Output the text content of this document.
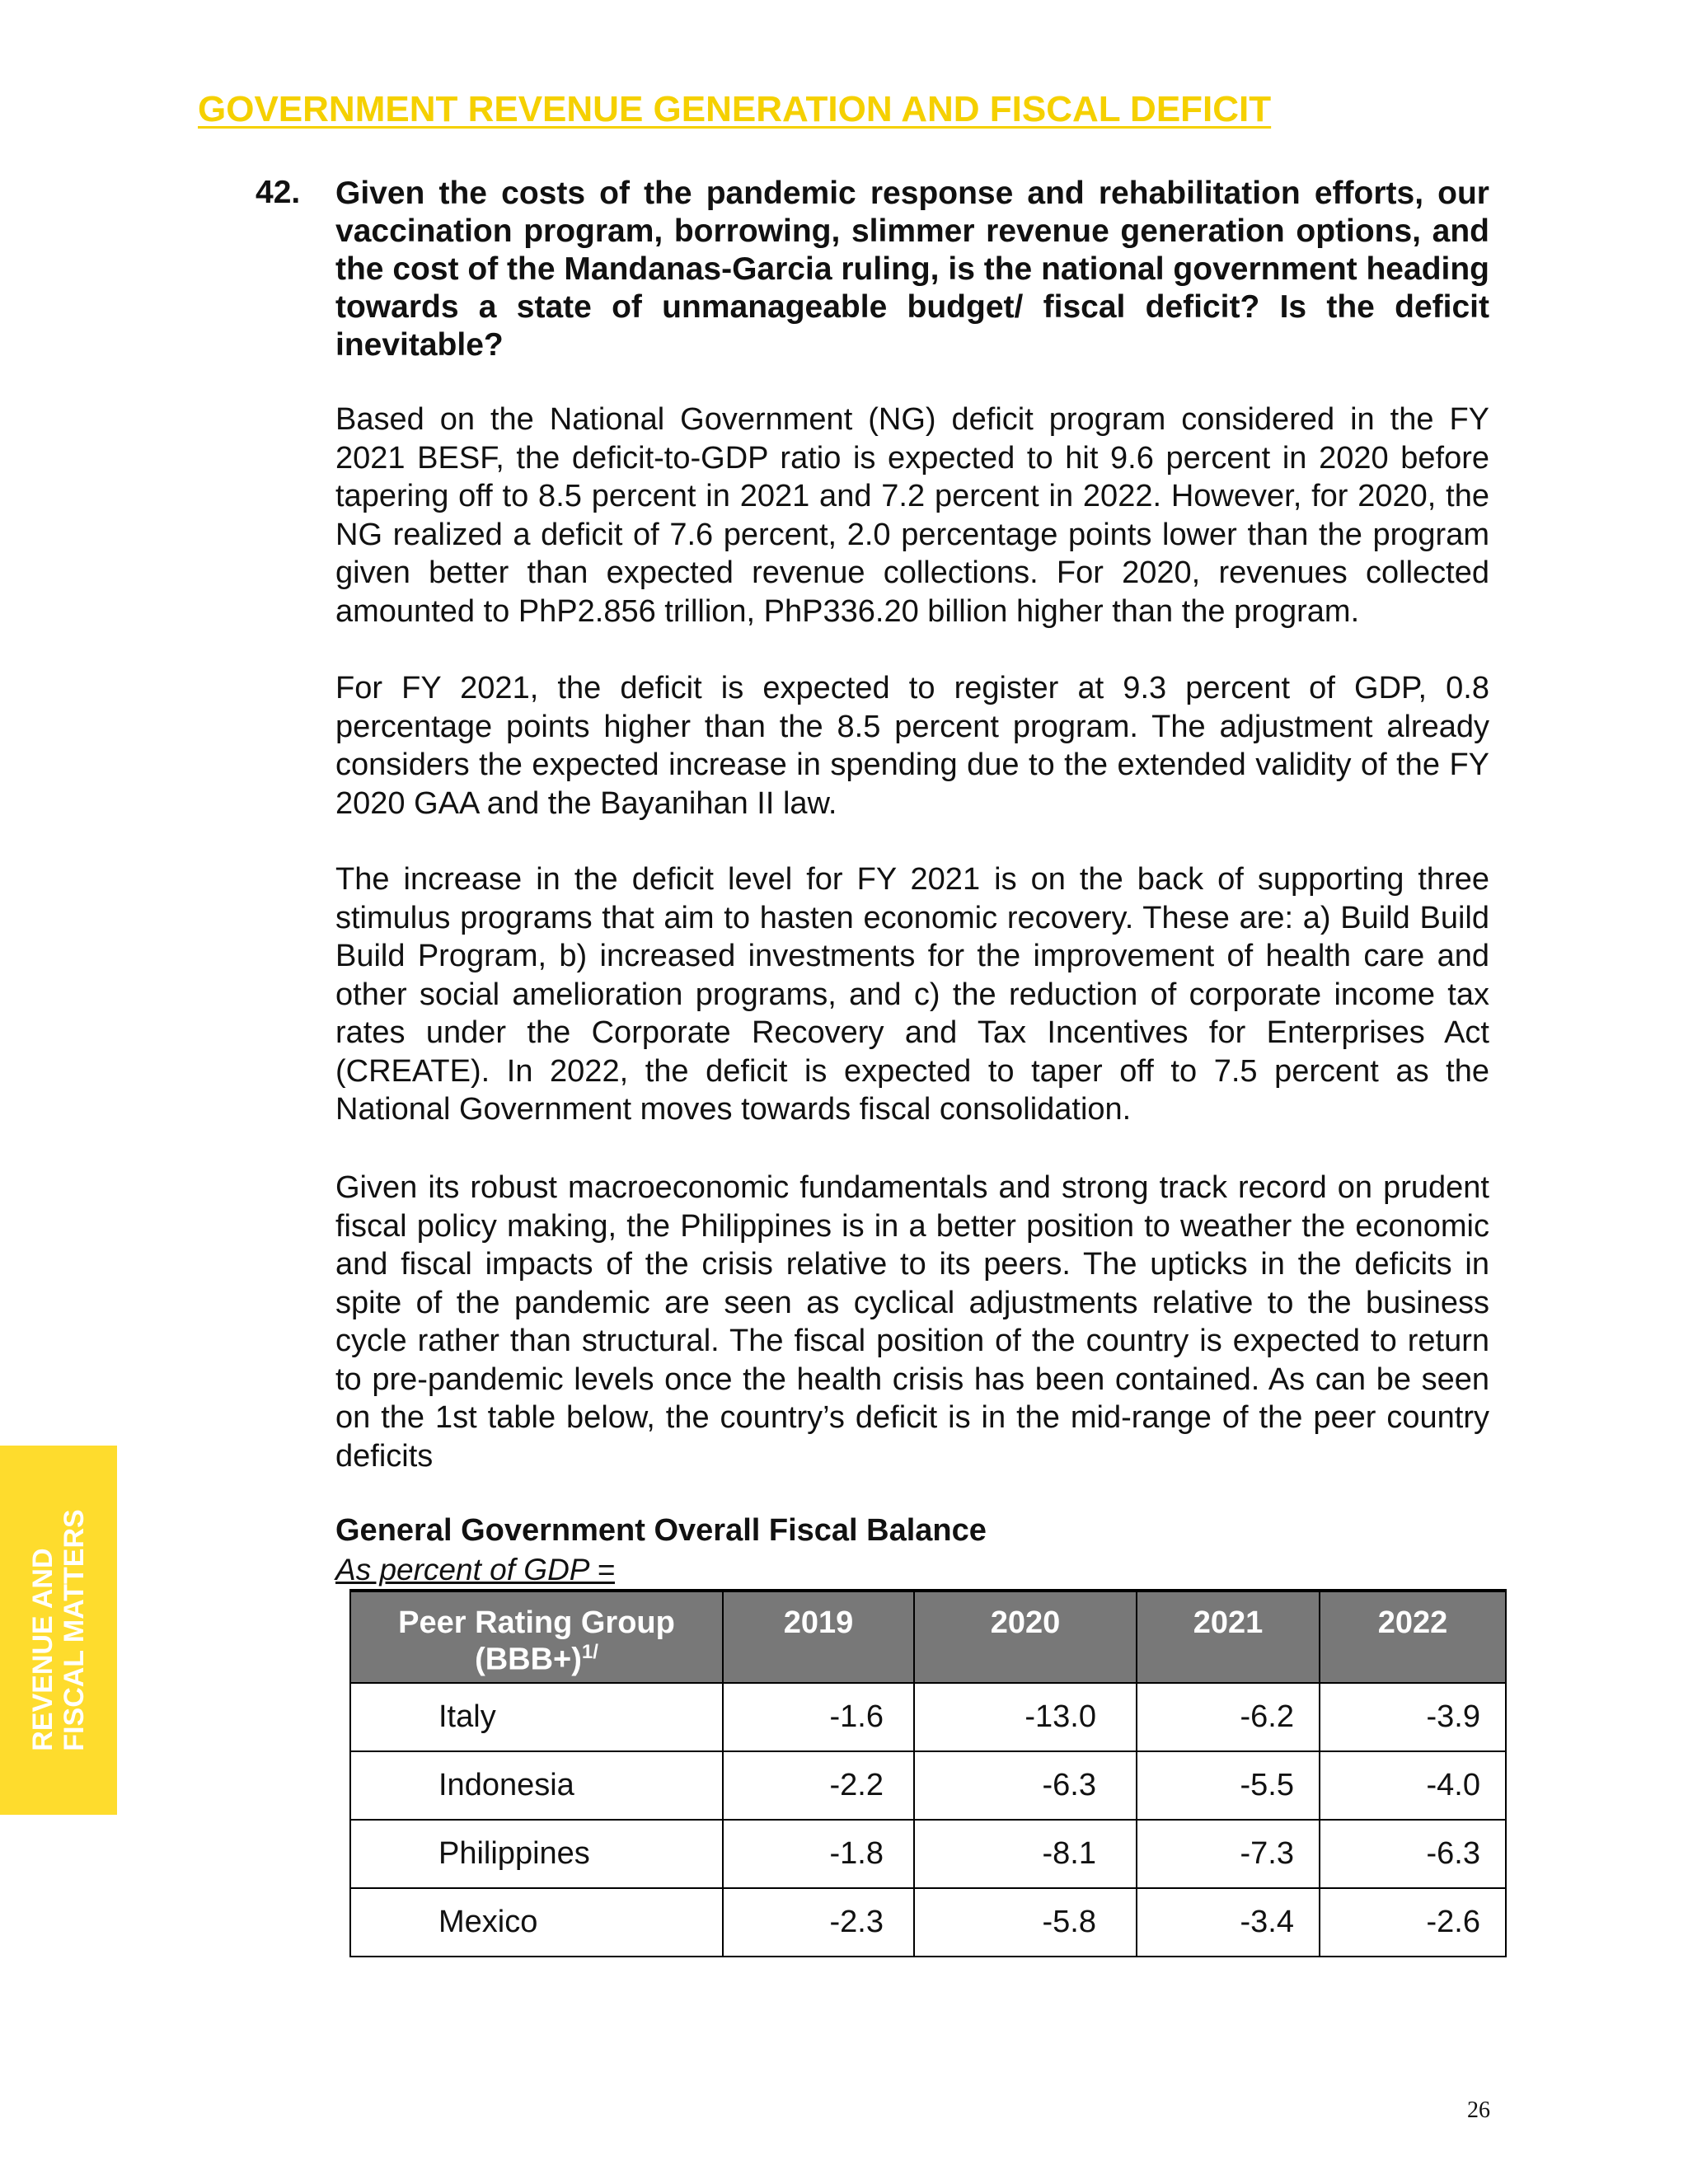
GOVERNMENT REVENUE GENERATION AND FISCAL DEFICIT

42. Given the costs of the pandemic response and rehabilitation efforts, our vaccination program, borrowing, slimmer revenue generation options, and the cost of the Mandanas-Garcia ruling, is the national government heading towards a state of unmanageable budget/ fiscal deficit? Is the deficit inevitable?

Based on the National Government (NG) deficit program considered in the FY 2021 BESF, the deficit-to-GDP ratio is expected to hit 9.6 percent in 2020 before tapering off to 8.5 percent in 2021 and 7.2 percent in 2022. However, for 2020, the NG realized a deficit of 7.6 percent, 2.0 percentage points lower than the program given better than expected revenue collections. For 2020, revenues collected amounted to PhP2.856 trillion, PhP336.20 billion higher than the program.

For FY 2021, the deficit is expected to register at 9.3 percent of GDP, 0.8 percentage points higher than the 8.5 percent program. The adjustment already considers the expected increase in spending due to the extended validity of the FY 2020 GAA and the Bayanihan II law.

The increase in the deficit level for FY 2021 is on the back of supporting three stimulus programs that aim to hasten economic recovery. These are: a) Build Build Build Program, b) increased investments for the improvement of health care and other social amelioration programs, and c) the reduction of corporate income tax rates under the Corporate Recovery and Tax Incentives for Enterprises Act (CREATE). In 2022, the deficit is expected to taper off to 7.5 percent as the National Government moves towards fiscal consolidation.

Given its robust macroeconomic fundamentals and strong track record on prudent fiscal policy making, the Philippines is in a better position to weather the economic and fiscal impacts of the crisis relative to its peers. The upticks in the deficits in spite of the pandemic are seen as cyclical adjustments relative to the business cycle rather than structural. The fiscal position of the country is expected to return to pre-pandemic levels once the health crisis has been contained. As can be seen on the 1st table below, the country’s deficit is in the mid-range of the peer country deficits

General Government Overall Fiscal Balance

As percent of GDP =

Peer Rating Group $(BBB+)^{1/}$	2019	2020	2021	2022
Italy	-1.6	-13.0	-6.2	-3.9
Indonesia	-2.2	-6.3	-5.5	-4.0
Philippines	-1.8	-8.1	-7.3	-6.3
Mexico	-2.3	-5.8	-3.4	-2.6
REVENUE AND FISCAL MATTERS
26
